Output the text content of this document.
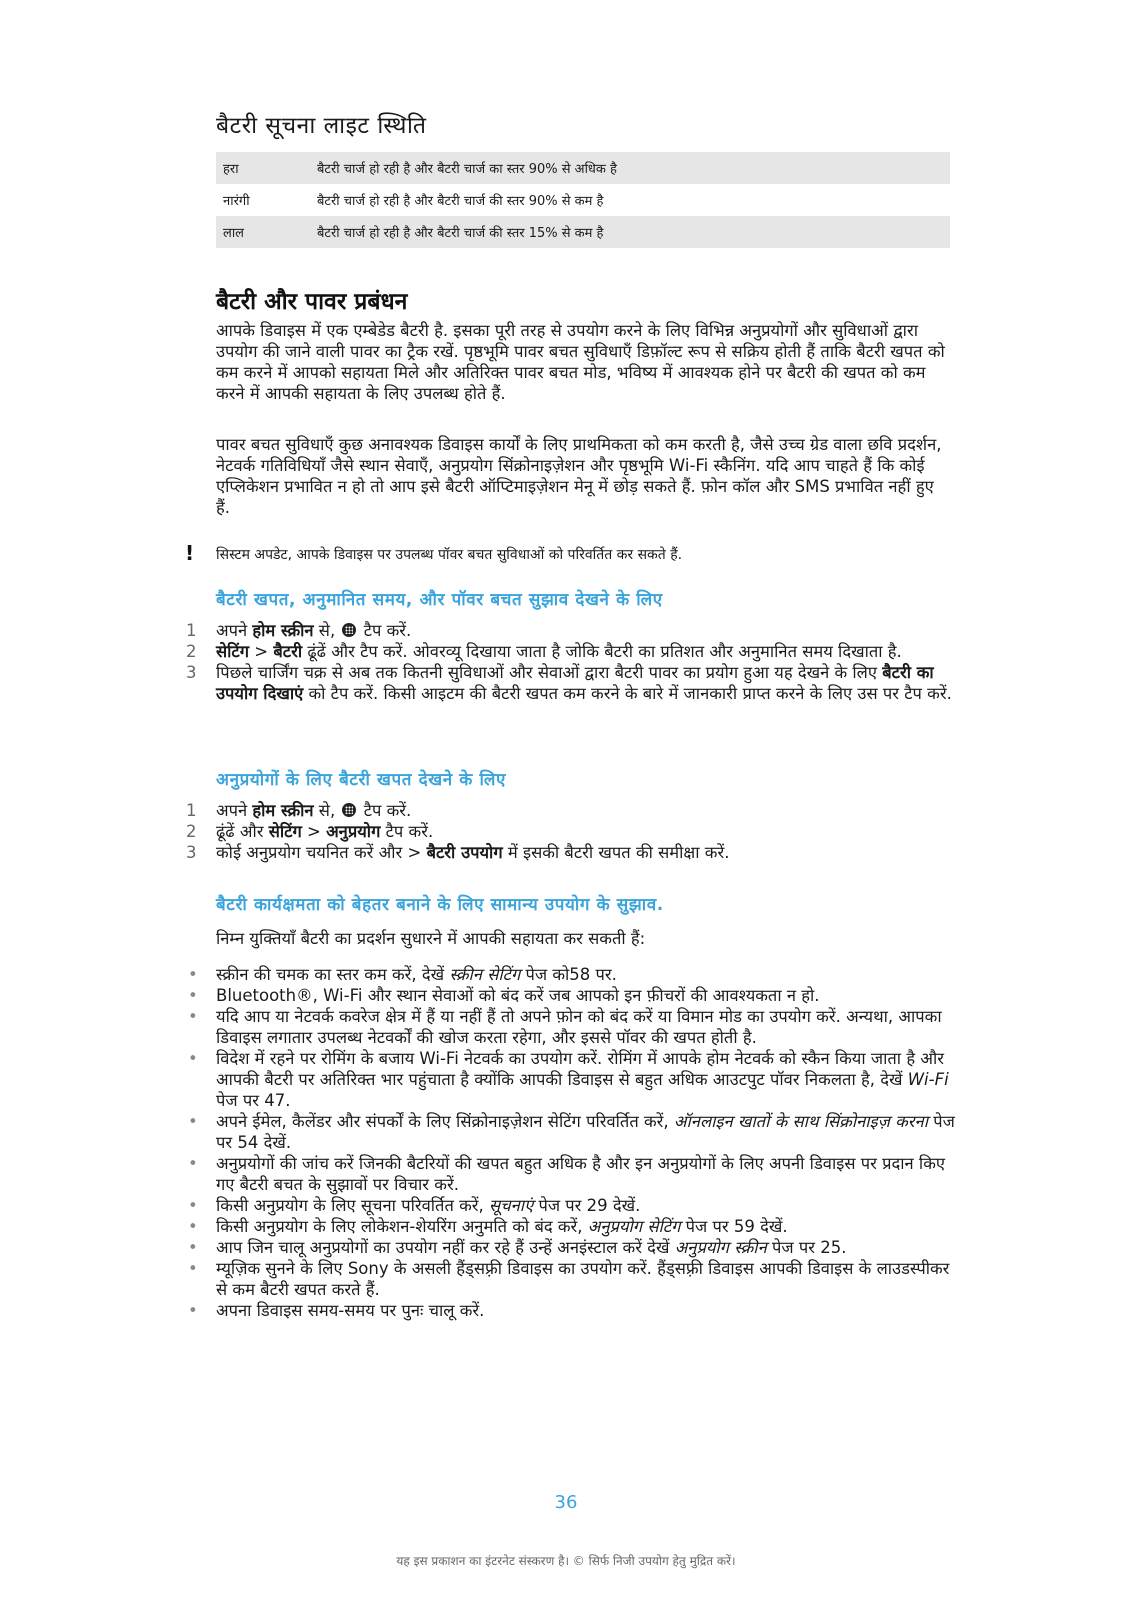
बैटरी सूचना लाइट स्थिति
हरा	बैटरी चार्ज हो रही है और बैटरी चार्ज का स्तर 90% से अधिक है
नारंगी	बैटरी चार्ज हो रही है और बैटरी चार्ज की स्तर 90% से कम है
लाल	बैटरी चार्ज हो रही है और बैटरी चार्ज की स्तर 15% से कम है
बैटरी और पावर प्रबंधन

आपके डिवाइस में एक एम्बेडेड बैटरी है. इसका पूरी तरह से उपयोग करने के लिए विभिन्न अनुप्रयोगों और सुविधाओं द्वारा उपयोग की जाने वाली पावर का ट्रैक रखें. पृष्ठभूमि पावर बचत सुविधाएँ डिफ़ॉल्ट रूप से सक्रिय होती हैं ताकि बैटरी खपत को कम करने में आपको सहायता मिले और अतिरिक्त पावर बचत मोड, भविष्य में आवश्यक होने पर बैटरी की खपत को कम करने में आपकी सहायता के लिए उपलब्ध होते हैं.

पावर बचत सुविधाएँ कुछ अनावश्यक डिवाइस कार्यों के लिए प्राथमिकता को कम करती है, जैसे उच्च ग्रेड वाला छवि प्रदर्शन, नेटवर्क गतिविधियाँ जैसे स्थान सेवाएँ, अनुप्रयोग सिंक्रोनाइज़ेशन और पृष्ठभूमि Wi-Fi स्कैनिंग. यदि आप चाहते हैं कि कोई एप्लिकेशन प्रभावित न हो तो आप इसे बैटरी ऑप्टिमाइज़ेशन मेनू में छोड़ सकते हैं. फ़ोन कॉल और SMS प्रभावित नहीं हुए हैं.

! सिस्टम अपडेट, आपके डिवाइस पर उपलब्ध पॉवर बचत सुविधाओं को परिवर्तित कर सकते हैं.

बैटरी खपत, अनुमानित समय, और पॉवर बचत सुझाव देखने के लिए
1 अपने होम स्क्रीन से,  टैप करें.
2 सेटिंग > बैटरी ढूंढें और टैप करें. ओवरव्यू दिखाया जाता है जोकि बैटरी का प्रतिशत और अनुमानित समय दिखाता है.
3 पिछले चार्जिंग चक्र से अब तक कितनी सुविधाओं और सेवाओं द्वारा बैटरी पावर का प्रयोग हुआ यह देखने के लिए बैटरी का उपयोग दिखाएं को टैप करें. किसी आइटम की बैटरी खपत कम करने के बारे में जानकारी प्राप्त करने के लिए उस पर टैप करें.
अनुप्रयोगों के लिए बैटरी खपत देखने के लिए
1 अपने होम स्क्रीन से,  टैप करें.
2 ढूंढें और सेटिंग > अनुप्रयोग टैप करें.
3 कोई अनुप्रयोग चयनित करें और > बैटरी उपयोग में इसकी बैटरी खपत की समीक्षा करें.
बैटरी कार्यक्षमता को बेहतर बनाने के लिए सामान्य उपयोग के सुझाव.

निम्न युक्तियाँ बैटरी का प्रदर्शन सुधारने में आपकी सहायता कर सकती हैं:

• स्क्रीन की चमक का स्तर कम करें, देखें स्क्रीन सेटिंग पेज को58 पर.
• Bluetooth®, Wi-Fi और स्थान सेवाओं को बंद करें जब आपको इन फ़ीचरों की आवश्यकता न हो.
• यदि आप या नेटवर्क कवरेज क्षेत्र में हैं या नहीं हैं तो अपने फ़ोन को बंद करें या विमान मोड का उपयोग करें. अन्यथा, आपका डिवाइस लगातार उपलब्ध नेटवर्कों की खोज करता रहेगा, और इससे पॉवर की खपत होती है.
• विदेश में रहने पर रोमिंग के बजाय Wi-Fi नेटवर्क का उपयोग करें. रोमिंग में आपके होम नेटवर्क को स्कैन किया जाता है और आपकी बैटरी पर अतिरिक्त भार पहुंचाता है क्योंकि आपकी डिवाइस से बहुत अधिक आउटपुट पॉवर निकलता है, देखें Wi-Fi पेज पर 47.
• अपने ईमेल, कैलेंडर और संपर्कों के लिए सिंक्रोनाइज़ेशन सेटिंग परिवर्तित करें, ऑनलाइन खातों के साथ सिंक्रोनाइज़ करना पेज पर 54 देखें.
• अनुप्रयोगों की जांच करें जिनकी बैटरियों की खपत बहुत अधिक है और इन अनुप्रयोगों के लिए अपनी डिवाइस पर प्रदान किए गए बैटरी बचत के सुझावों पर विचार करें.
• किसी अनुप्रयोग के लिए सूचना परिवर्तित करें, सूचनाएं पेज पर 29 देखें.
• किसी अनुप्रयोग के लिए लोकेशन-शेयरिंग अनुमति को बंद करें, अनुप्रयोग सेटिंग पेज पर 59 देखें.
• आप जिन चालू अनुप्रयोगों का उपयोग नहीं कर रहे हैं उन्हें अनइंस्टाल करें देखें अनुप्रयोग स्क्रीन पेज पर 25.
• म्यूज़िक सुनने के लिए Sony के असली हैंड्सफ़्री डिवाइस का उपयोग करें. हैंड्सफ़्री डिवाइस आपकी डिवाइस के लाउडस्पीकर से कम बैटरी खपत करते हैं.
• अपना डिवाइस समय-समय पर पुनः चालू करें.
36
यह इस प्रकाशन का इंटरनेट संस्करण है। © सिर्फ निजी उपयोग हेतु मुद्रित करें।
